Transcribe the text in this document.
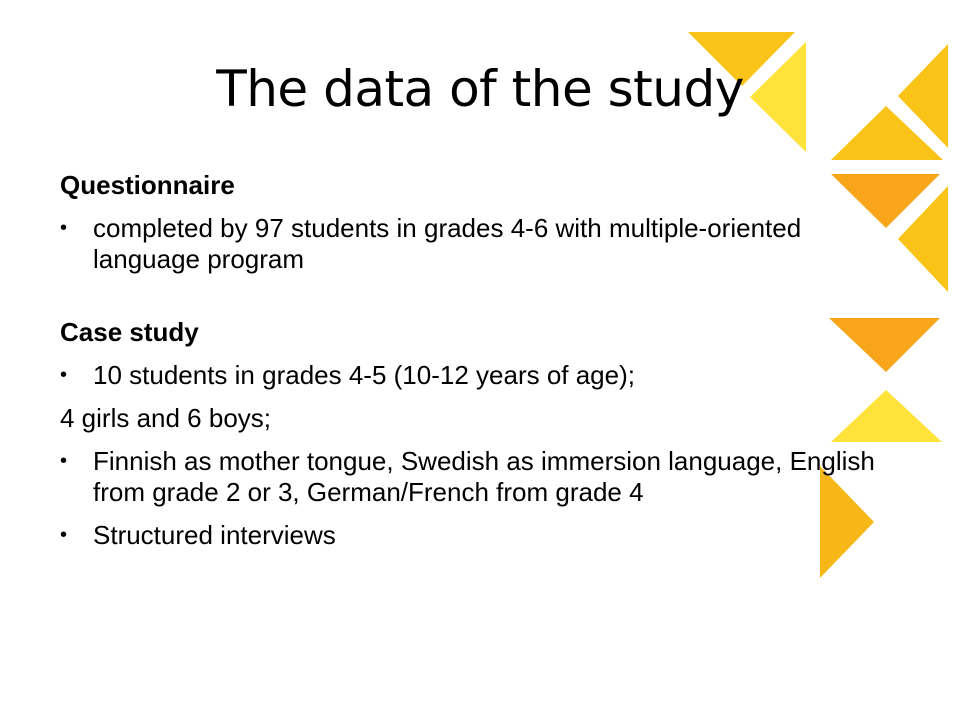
The data of the study
Questionnaire
• completed by 97 students in grades 4-6 with multiple-oriented language program
Case study
• 10 students in grades 4-5 (10-12 years of age);
4 girls and 6 boys;
• Finnish as mother tongue, Swedish as immersion language, English from grade 2 or 3, German/French from grade 4
• Structured interviews
